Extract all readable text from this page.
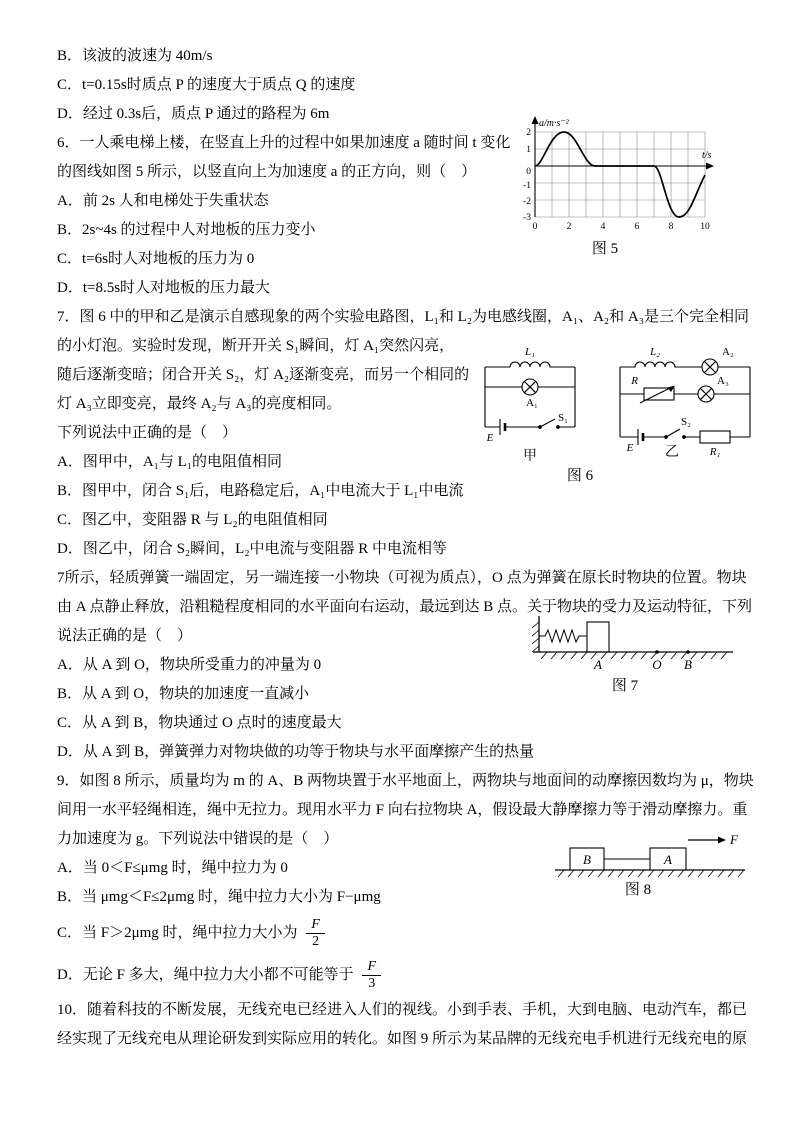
B．该波的波速为 40m/s
C．t=0.15s时质点 P 的速度大于质点 Q 的速度
D．经过 0.3s后，质点 P 通过的路程为 6m
6．一人乘电梯上楼，在竖直上升的过程中如果加速度 a 随时间 t 变化
的图线如图 5 所示，以竖直向上为加速度 a 的正方向，则（　）
A．前 2s 人和电梯处于失重状态
B．2s~4s 的过程中人对地板的压力变小
C．t=6s时人对地板的压力为 0
D．t=8.5s时人对地板的压力最大
7．图 6 中的甲和乙是演示自感现象的两个实验电路图，L₁和 L₂为电感线圈，A₁、A₂和 A₃是三个完全相同
的小灯泡。实验时发现，断开开关 S₁瞬间，灯 A₁突然闪亮，
随后逐渐变暗；闭合开关 S₂，灯 A₂逐渐变亮，而另一个相同的
灯 A₃立即变亮，最终 A₂与 A₃的亮度相同。
下列说法中正确的是（　）
A．图甲中，A₁与 L₁的电阻值相同
B．图甲中，闭合 S₁后，电路稳定后，A₁中电流大于 L₁中电流
C．图乙中，变阻器 R 与 L₂的电阻值相同
D．图乙中，闭合 S₂瞬间，L₂中电流与变阻器 R 中电流相等
7所示，轻质弹簧一端固定，另一端连接一小物块（可视为质点），O 点为弹簧在原长时物块的位置。物块
由 A 点静止释放，沿粗糙程度相同的水平面向右运动，最远到达 B 点。关于物块的受力及运动特征，下列
说法正确的是（　）
A．从 A 到 O，物块所受重力的冲量为 0
B．从 A 到 O，物块的加速度一直减小
C．从 A 到 B，物块通过 O 点时的速度最大
D．从 A 到 B，弹簧弹力对物块做的功等于物块与水平面摩擦产生的热量
9．如图 8 所示，质量均为 m 的 A、B 两物块置于水平地面上，两物块与地面间的动摩擦因数均为 μ，物块
间用一水平轻绳相连，绳中无拉力。现用水平力 F 向右拉物块 A，假设最大静摩擦力等于滑动摩擦力。重
力加速度为 g。下列说法中错误的是（　）
A．当 0＜F≤μmg 时，绳中拉力为 0
B．当 μmg＜F≤2μmg 时，绳中拉力大小为 F−μmg
C．当 F＞2μmg 时，绳中拉力大小为 $\frac{F}{2}$
D．无论 F 多大，绳中拉力大小都不可能等于 $\frac{F}{3}$
10．随着科技的不断发展，无线充电已经进入人们的视线。小到手表、手机，大到电脑、电动汽车，都已
经实现了无线充电从理论研发到实际应用的转化。如图 9 所示为某品牌的无线充电手机进行无线充电的原
a/m·s⁻²
t/s
2
1
0
-1
-2
-3
0	2	4	6	8	10
图 5
L₁
A₁
E
S₁
甲
L₂	A₂
R	A₃
E
S₂
R₁
乙
图 6
A	O B
图 7
B	A
F
图 8
